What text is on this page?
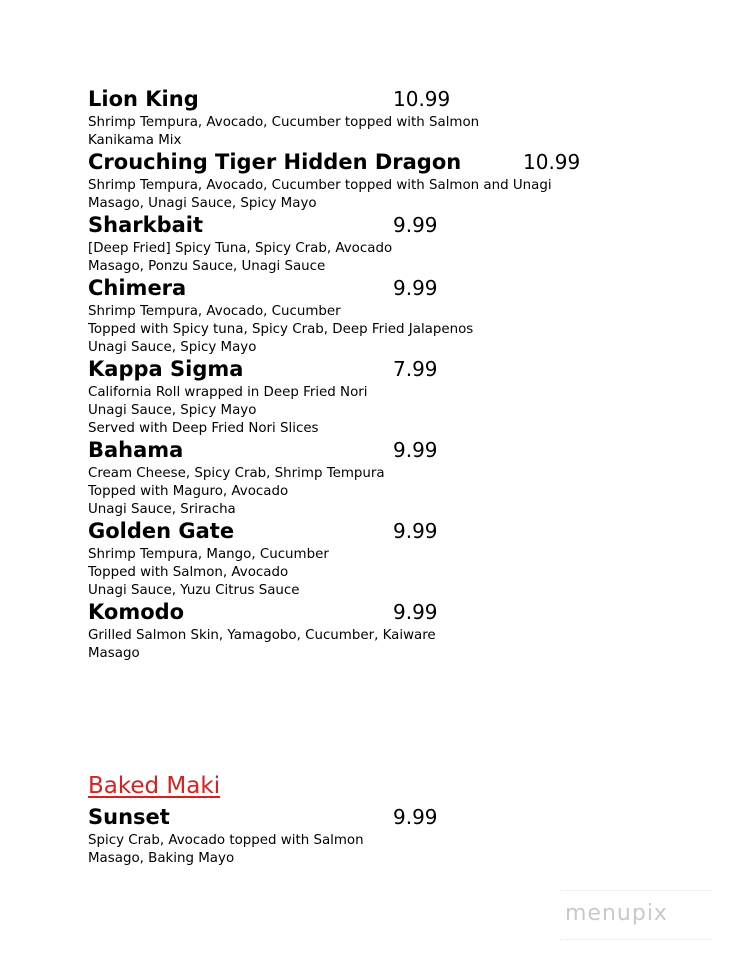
Lion King	10.99
Shrimp Tempura, Avocado, Cucumber topped with Salmon
Kanikama Mix
Crouching Tiger Hidden Dragon	10.99
Shrimp Tempura, Avocado, Cucumber topped with Salmon and Unagi
Masago, Unagi Sauce, Spicy Mayo
Sharkbait	9.99
[Deep Fried] Spicy Tuna, Spicy Crab, Avocado
Masago, Ponzu Sauce, Unagi Sauce
Chimera	9.99
Shrimp Tempura, Avocado, Cucumber
Topped with Spicy tuna, Spicy Crab, Deep Fried Jalapenos
Unagi Sauce, Spicy Mayo
Kappa Sigma	7.99
California Roll wrapped in Deep Fried Nori
Unagi Sauce, Spicy Mayo
Served with Deep Fried Nori Slices
Bahama	9.99
Cream Cheese, Spicy Crab, Shrimp Tempura
Topped with Maguro, Avocado
Unagi Sauce, Sriracha
Golden Gate	9.99
Shrimp Tempura, Mango, Cucumber
Topped with Salmon, Avocado
Unagi Sauce, Yuzu Citrus Sauce
Komodo	9.99
Grilled Salmon Skin, Yamagobo, Cucumber, Kaiware
Masago
Baked Maki
Sunset	9.99
Spicy Crab, Avocado topped with Salmon
Masago, Baking Mayo
menupix
